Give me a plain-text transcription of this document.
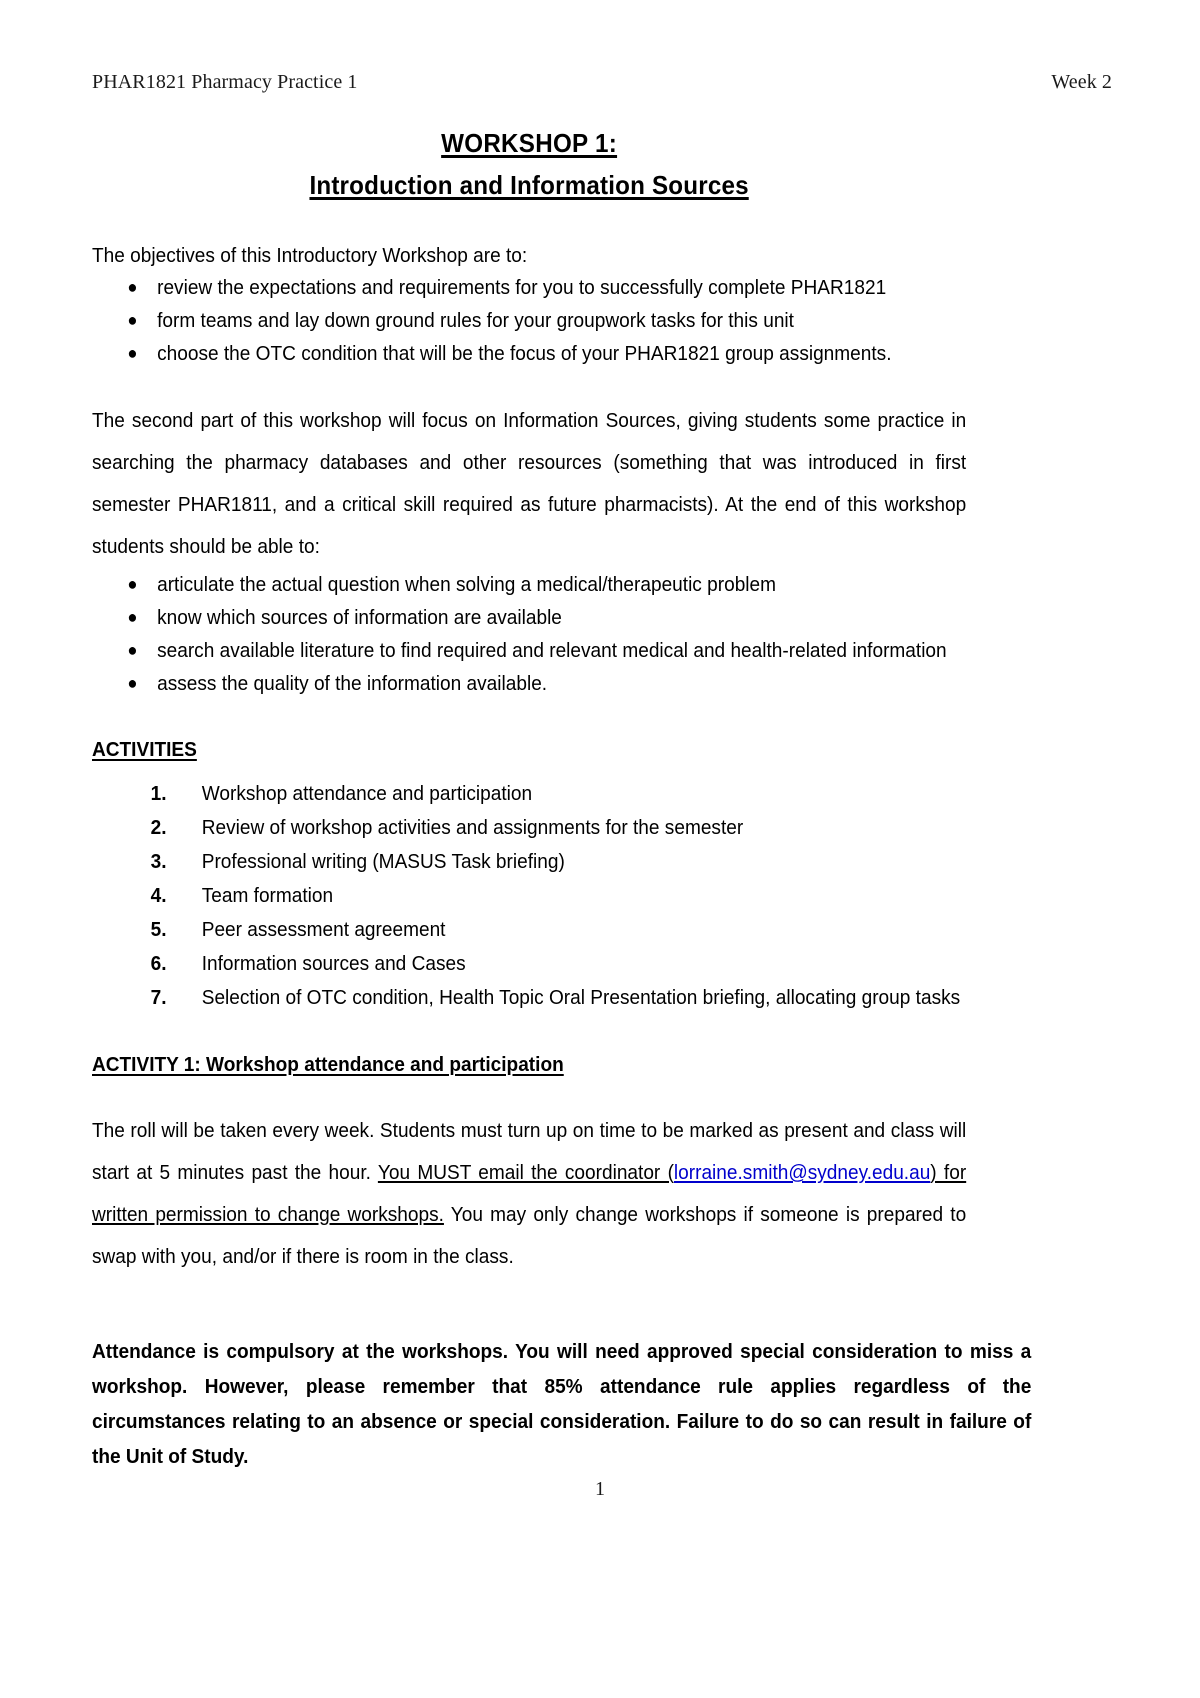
PHAR1821 Pharmacy Practice 1	Week 2
WORKSHOP 1:
Introduction and Information Sources

The objectives of this Introductory Workshop are to:

● review the expectations and requirements for you to successfully complete PHAR1821
● form teams and lay down ground rules for your groupwork tasks for this unit
● choose the OTC condition that will be the focus of your PHAR1821 group assignments.

The second part of this workshop will focus on Information Sources, giving students some practice in searching the pharmacy databases and other resources (something that was introduced in first semester PHAR1811, and a critical skill required as future pharmacists). At the end of this workshop students should be able to:

● articulate the actual question when solving a medical/therapeutic problem
● know which sources of information are available
● search available literature to find required and relevant medical and health-related information
● assess the quality of the information available.
ACTIVITIES
1. Workshop attendance and participation
2. Review of workshop activities and assignments for the semester
3. Professional writing (MASUS Task briefing)
4. Team formation
5. Peer assessment agreement
6. Information sources and Cases
7. Selection of OTC condition, Health Topic Oral Presentation briefing, allocating group tasks
ACTIVITY 1: Workshop attendance and participation

The roll will be taken every week. Students must turn up on time to be marked as present and class will start at 5 minutes past the hour. You MUST email the coordinator (lorraine.smith@sydney.edu.au) for written permission to change workshops. You may only change workshops if someone is prepared to swap with you, and/or if there is room in the class.

Attendance is compulsory at the workshops. You will need approved special consideration to miss a workshop. However, please remember that 85% attendance rule applies regardless of the circumstances relating to an absence or special consideration. Failure to do so can result in failure of the Unit of Study.

1
